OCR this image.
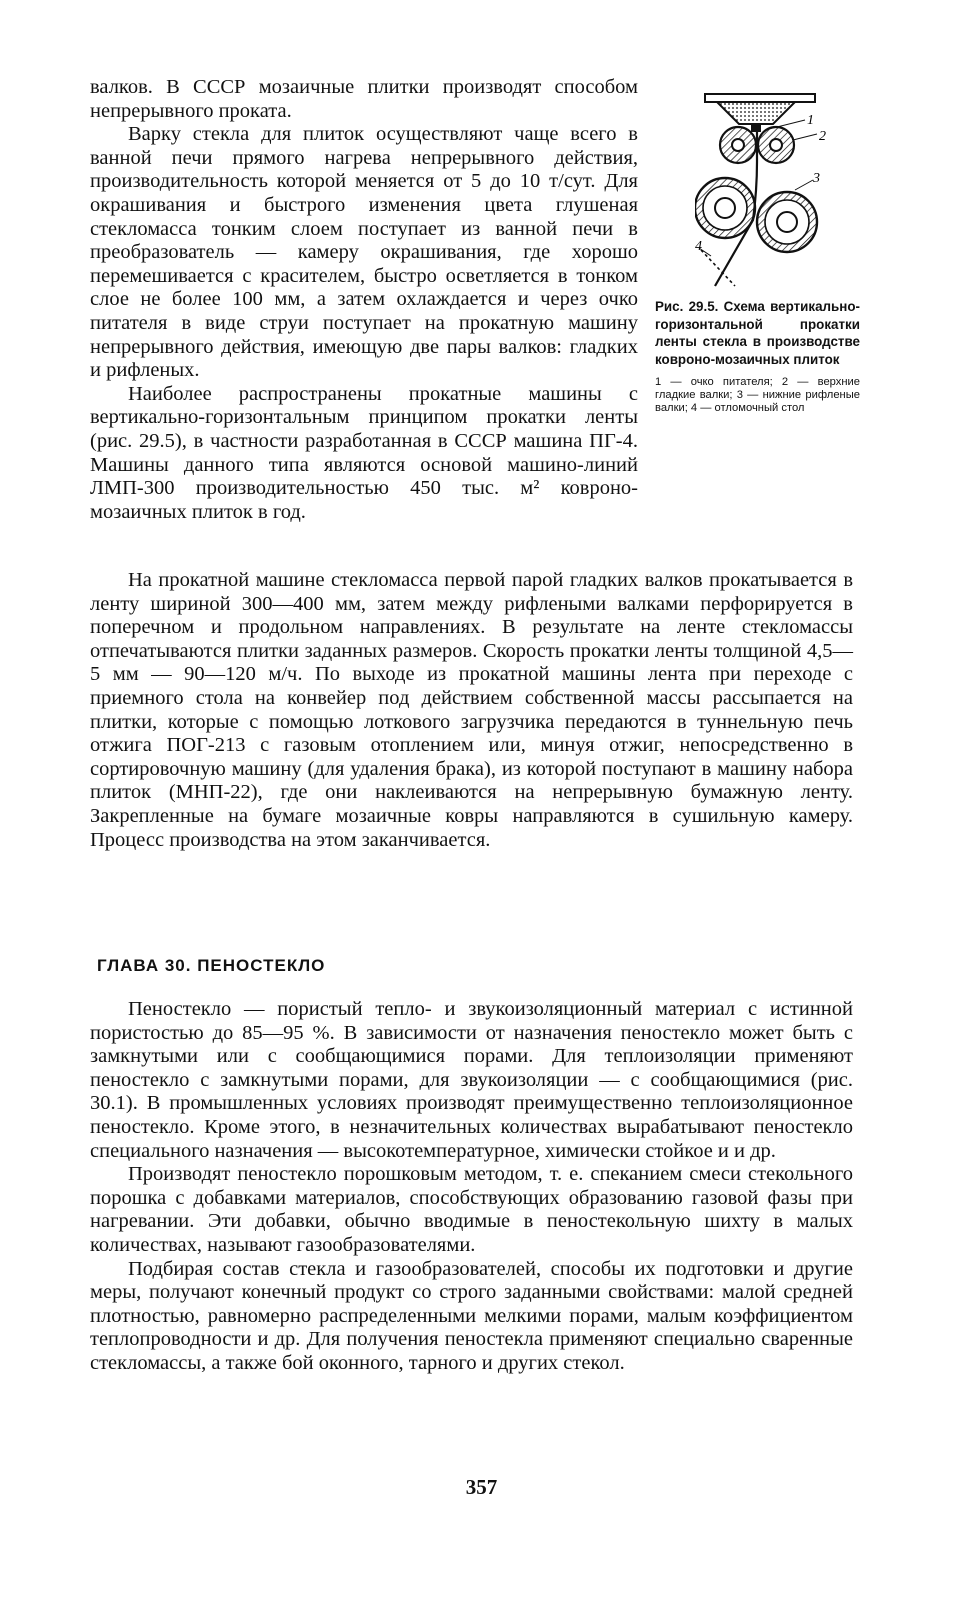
валков. В СССР мозаичные плитки производят способом непрерывного проката.

Варку стекла для плиток осуществляют чаще всего в ванной печи прямого нагрева непрерывного действия, производительность которой меняется от 5 до 10 т/сут. Для окрашивания и быстрого изменения цвета глушеная стекломасса тонким слоем поступает из ванной печи в преобразователь — камеру окрашивания, где хорошо перемешивается с красителем, быстро осветляется в тонком слое не более 100 мм, а затем охлаждается и через очко питателя в виде струи поступает на прокатную машину непрерывного действия, имеющую две пары валков: гладких и рифленых.

Наиболее распространены прокатные машины с вертикально-горизонтальным принципом прокатки ленты (рис. 29.5), в частности разработанная в СССР машина ПГ-4. Машины данного типа являются основой машино-линий ЛМП-300 производительностью 450 тыс. м² ковроно-мозаичных плиток в год.

1
2
3
4

Рис. 29.5. Схема вертикально-горизонтальной прокатки ленты стекла в производстве ковроно-мозаичных плиток

1 — очко питателя; 2 — верхние гладкие валки; 3 — нижние рифленые валки; 4 — отломочный стол

На прокатной машине стекломасса первой парой гладких валков прокатывается в ленту шириной 300—400 мм, затем между рифлеными валками перфорируется в поперечном и продольном направлениях. В результате на ленте стекломассы отпечатываются плитки заданных размеров. Скорость прокатки ленты толщиной 4,5—5 мм — 90—120 м/ч. По выходе из прокатной машины лента при переходе с приемного стола на конвейер под действием собственной массы рассыпается на плитки, которые с помощью лоткового загрузчика передаются в туннельную печь отжига ПОГ-213 с газовым отоплением или, минуя отжиг, непосредственно в сортировочную машину (для удаления брака), из которой поступают в машину набора плиток (МНП-22), где они наклеиваются на непрерывную бумажную ленту. Закрепленные на бумаге мозаичные ковры направляются в сушильную камеру. Процесс производства на этом заканчивается.

ГЛАВА 30. ПЕНОСТЕКЛО

Пеностекло — пористый тепло- и звукоизоляционный материал с истинной пористостью до 85—95 %. В зависимости от назначения пеностекло может быть с замкнутыми или с сообщающимися порами. Для теплоизоляции применяют пеностекло с замкнутыми порами, для звукоизоляции — с сообщающимися (рис. 30.1). В промышленных условиях производят преимущественно теплоизоляционное пеностекло. Кроме этого, в незначительных количествах вырабатывают пеностекло специального назначения — высокотемпературное, химически стойкое и и др.

Производят пеностекло порошковым методом, т. е. спеканием смеси стекольного порошка с добавками материалов, способствующих образованию газовой фазы при нагревании. Эти добавки, обычно вводимые в пеностекольную шихту в малых количествах, называют газообразователями.

Подбирая состав стекла и газообразователей, способы их подготовки и другие меры, получают конечный продукт со строго заданными свойствами: малой средней плотностью, равномерно распределенными мелкими порами, малым коэффициентом теплопроводности и др. Для получения пеностекла применяют специально сваренные стекломассы, а также бой оконного, тарного и других стекол.

357
